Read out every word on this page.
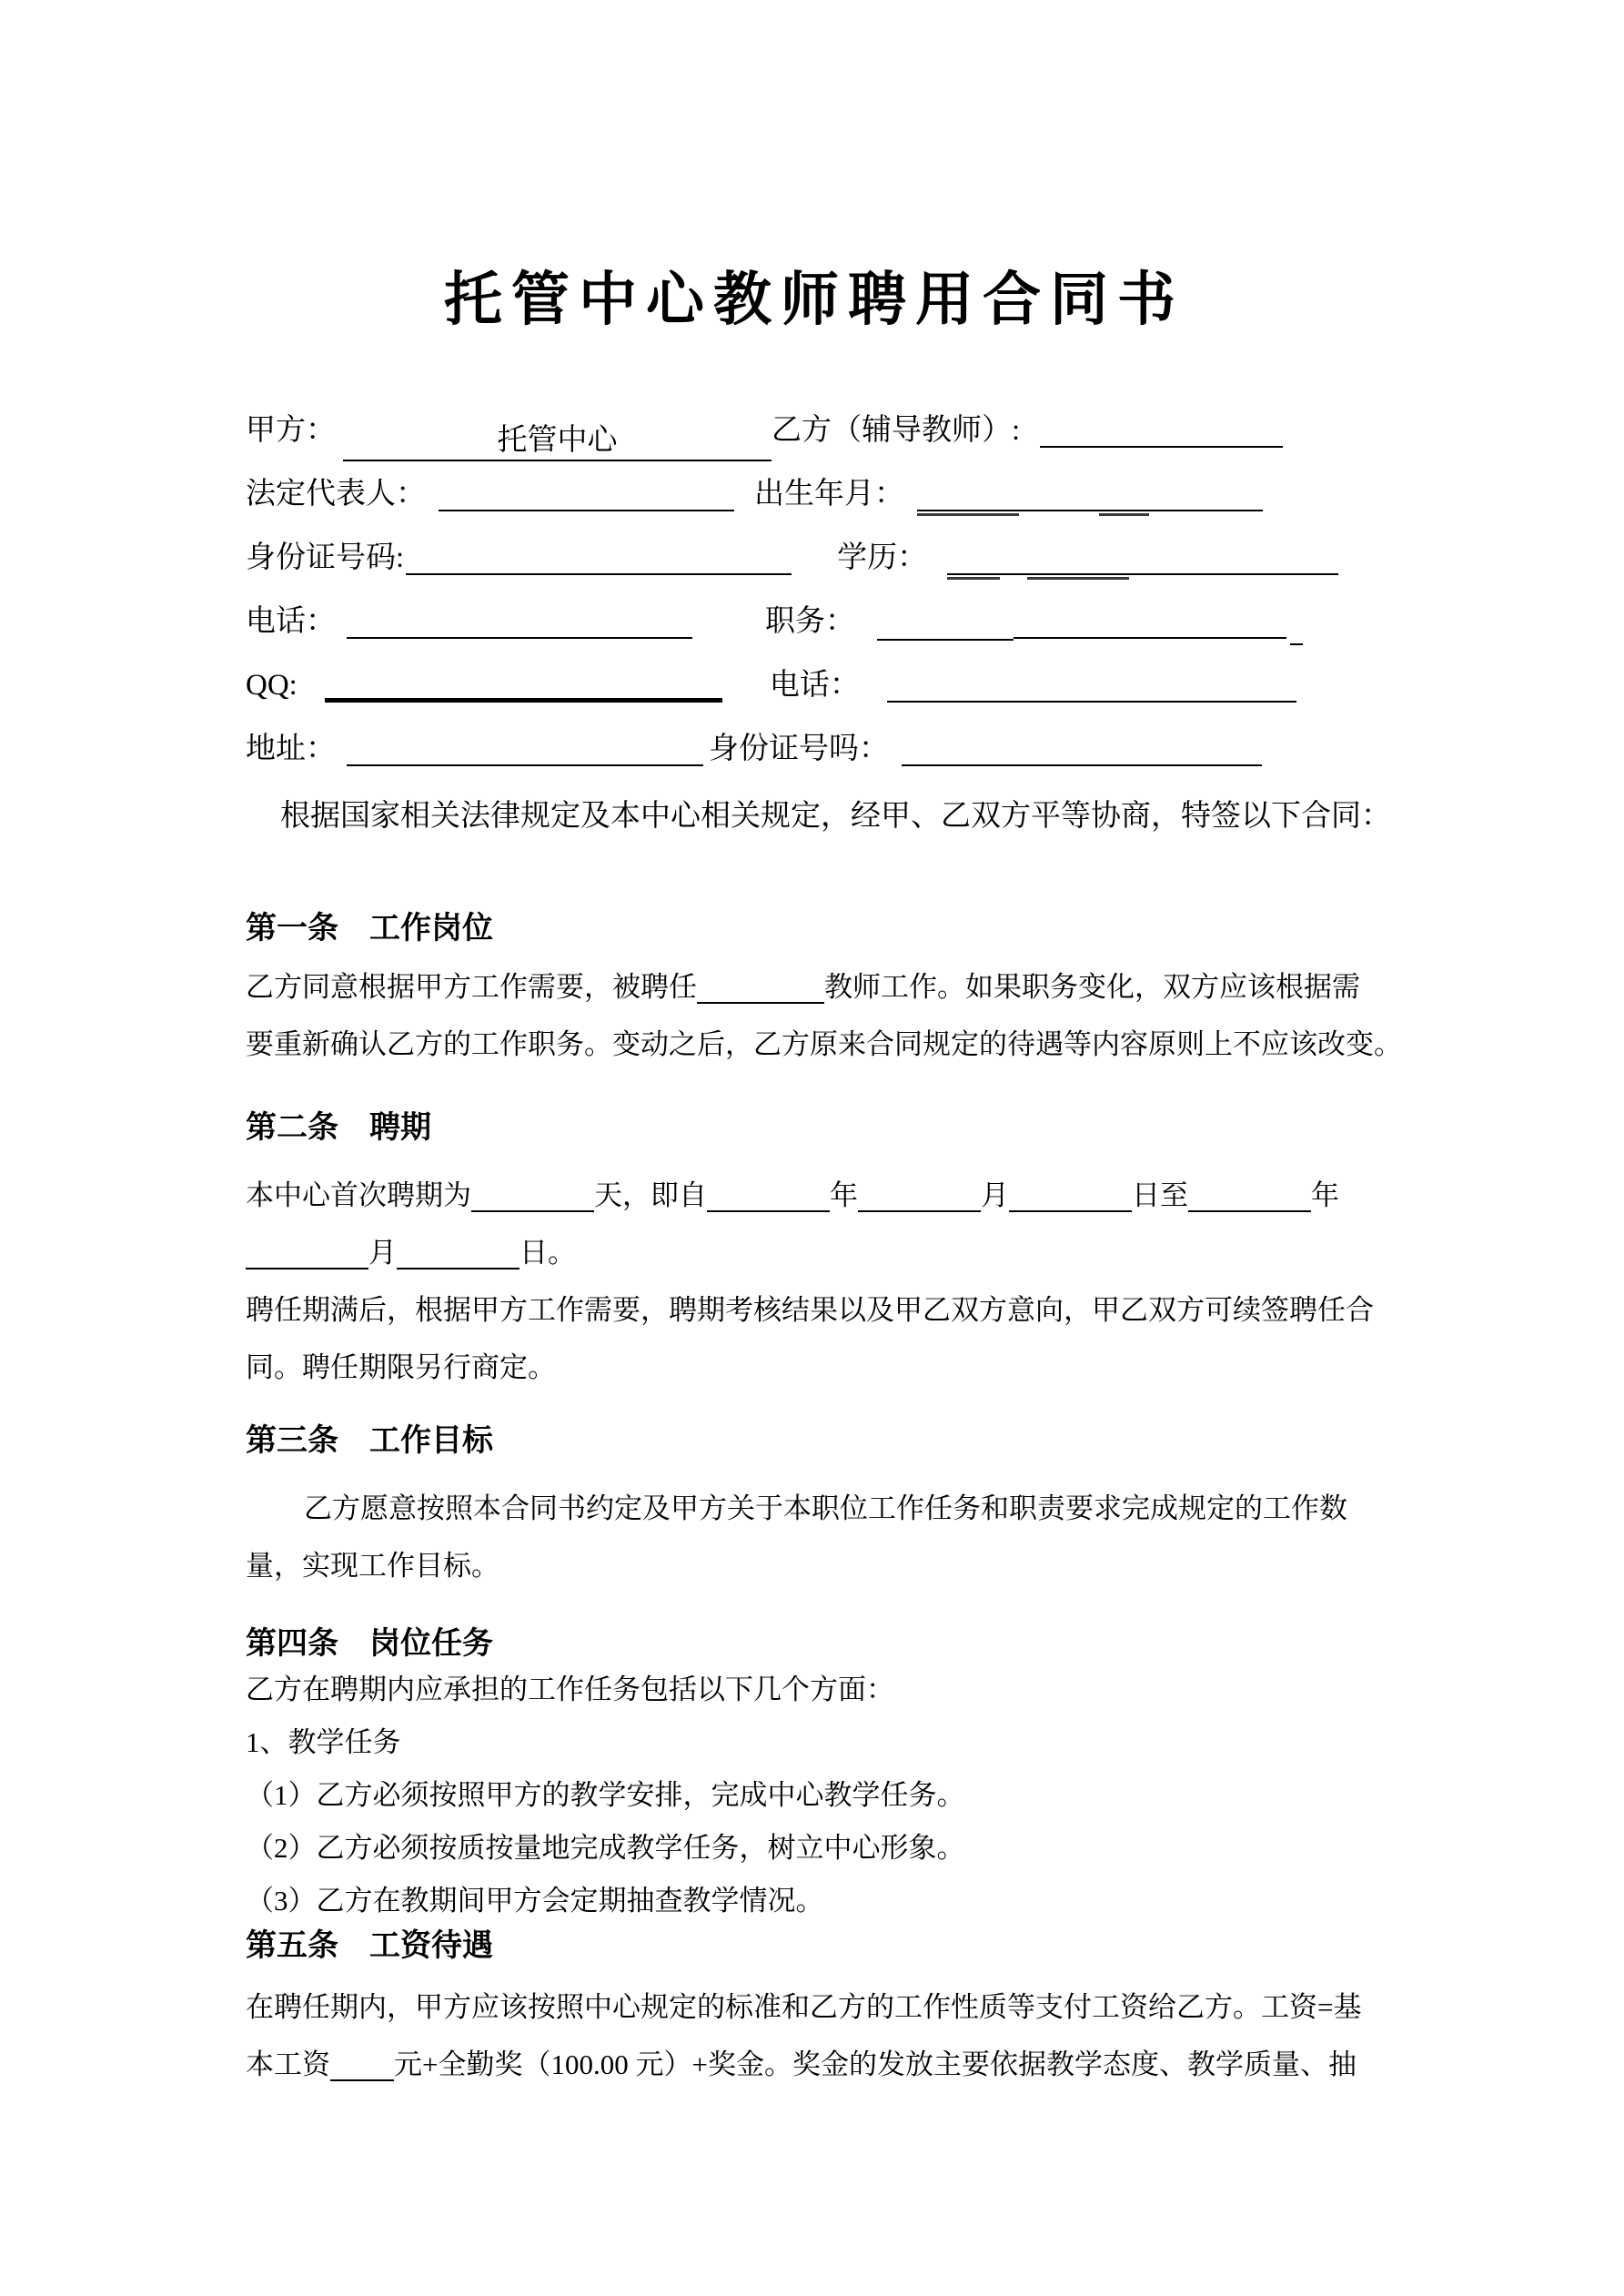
托管中心教师聘用合同书
甲方：	托管中心	乙方（辅导教师）:
法定代表人：	出生年月：
身份证号码:	学历：
电话：	职务：
QQ:	电话：
地址：	身份证号吗：
根据国家相关法律规定及本中心相关规定，经甲、乙双方平等协商，特签以下合同：
第一条　工作岗位
乙方同意根据甲方工作需要，被聘任	教师工作。如果职务变化，双方应该根据需
要重新确认乙方的工作职务。变动之后，乙方原来合同规定的待遇等内容原则上不应该改变。
第二条　聘期
本中心首次聘期为	天，即自	年	月	日至	年
月	日。
聘任期满后，根据甲方工作需要，聘期考核结果以及甲乙双方意向，甲乙双方可续签聘任合
同。聘任期限另行商定。
第三条　工作目标
乙方愿意按照本合同书约定及甲方关于本职位工作任务和职责要求完成规定的工作数
量，实现工作目标。
第四条　岗位任务
乙方在聘期内应承担的工作任务包括以下几个方面：
1、教学任务
（1）乙方必须按照甲方的教学安排，完成中心教学任务。
（2）乙方必须按质按量地完成教学任务，树立中心形象。
（3）乙方在教期间甲方会定期抽查教学情况。
第五条　工资待遇
在聘任期内，甲方应该按照中心规定的标准和乙方的工作性质等支付工资给乙方。工资=基
本工资 元+全勤奖（100.00 元）+奖金。奖金的发放主要依据教学态度、教学质量、抽
